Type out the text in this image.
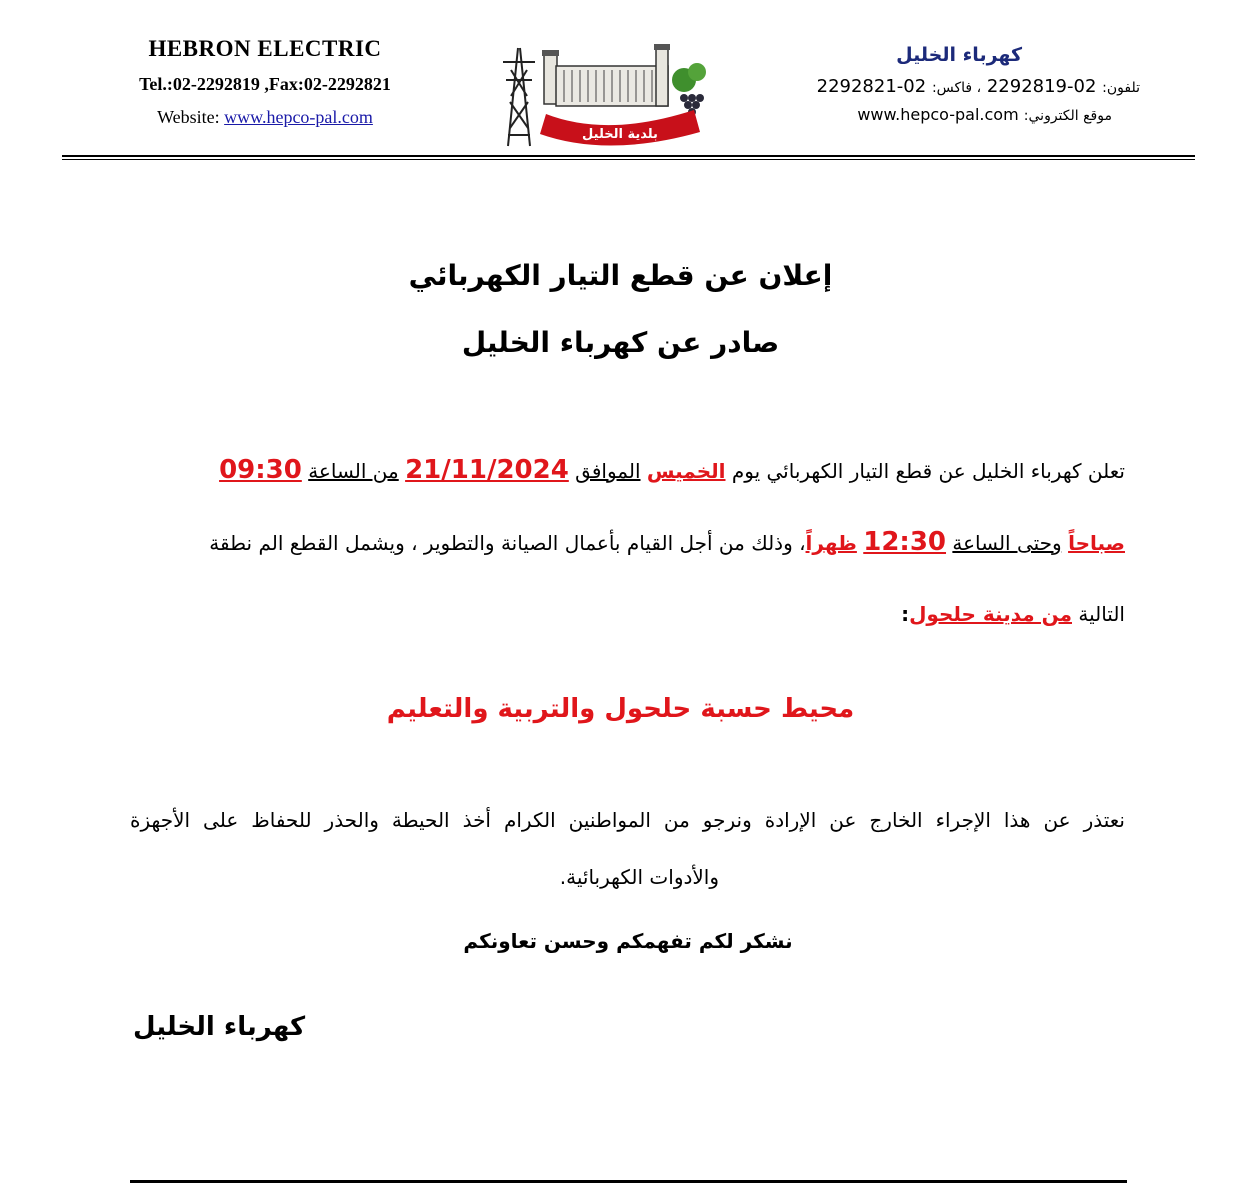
HEBRON ELECTRIC
Tel.:02-2292819 ,Fax:02-2292821
Website: www.hepco-pal.com
بلدية الخليل
كهرباء الخليل
تلفون: 02-2292819 ، فاكس: 02-2292821
موقع الكتروني: www.hepco-pal.com
إعلان عن قطع التيار الكهربائي
صادر عن كهرباء الخليل
تعلن كهرباء الخليل عن قطع التيار الكهربائي يوم الخميس الموافق 21/11/2024 من الساعة 09:30
صباحاً وحتى الساعة 12:30 ظهراً، وذلك من أجل القيام بأعمال الصيانة والتطوير ، ويشمل القطع الم نطقة
التالية من مدينة حلحول:
محيط حسبة حلحول والتربية والتعليم
نعتذر عن هذا الإجراء الخارج عن الإرادة ونرجو من المواطنين الكرام أخذ الحيطة والحذر للحفاظ على الأجهزة
والأدوات الكهربائية.
نشكر لكم تفهمكم وحسن تعاونكم
كهرباء الخليل
